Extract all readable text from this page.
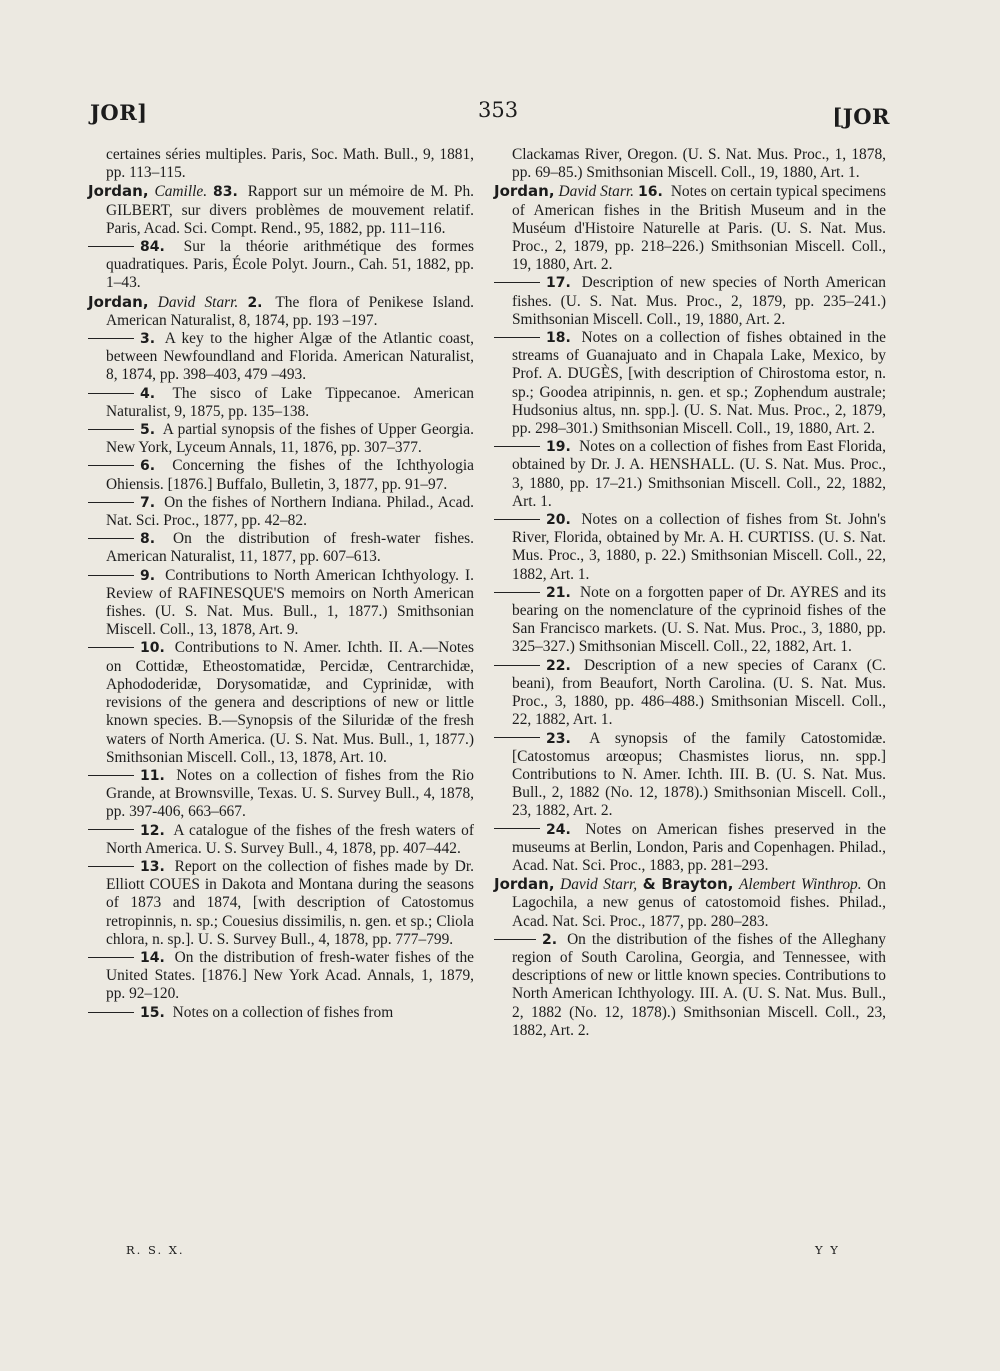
JOR]	353	[JOR

certaines séries multiples. Paris, Soc. Math. Bull., 9, 1881, pp. 113–115.

Jordan, Camille. 83. Rapport sur un mémoire de M. Ph. GILBERT, sur divers problèmes de mouvement relatif. Paris, Acad. Sci. Compt. Rend., 95, 1882, pp. 111–116.

84. Sur la théorie arithmétique des formes quadratiques. Paris, École Polyt. Journ., Cah. 51, 1882, pp. 1–43.

Jordan, David Starr. 2. The flora of Penikese Island. American Naturalist, 8, 1874, pp. 193 –197.

3. A key to the higher Algæ of the Atlantic coast, between Newfoundland and Florida. American Naturalist, 8, 1874, pp. 398–403, 479 –493.

4. The sisco of Lake Tippecanoe. American Naturalist, 9, 1875, pp. 135–138.

5. A partial synopsis of the fishes of Upper Georgia. New York, Lyceum Annals, 11, 1876, pp. 307–377.

6. Concerning the fishes of the Ichthyologia Ohiensis. [1876.] Buffalo, Bulletin, 3, 1877, pp. 91–97.

7. On the fishes of Northern Indiana. Philad., Acad. Nat. Sci. Proc., 1877, pp. 42–82.

8. On the distribution of fresh-water fishes. American Naturalist, 11, 1877, pp. 607–613.

9. Contributions to North American Ichthyology. I. Review of RAFINESQUE'S memoirs on North American fishes. (U. S. Nat. Mus. Bull., 1, 1877.) Smithsonian Miscell. Coll., 13, 1878, Art. 9.

10. Contributions to N. Amer. Ichth. II. A.—Notes on Cottidæ, Etheostomatidæ, Percidæ, Centrarchidæ, Aphododeridæ, Dorysomatidæ, and Cyprinidæ, with revisions of the genera and descriptions of new or little known species. B.—Synopsis of the Siluridæ of the fresh waters of North America. (U. S. Nat. Mus. Bull., 1, 1877.) Smithsonian Miscell. Coll., 13, 1878, Art. 10.

11. Notes on a collection of fishes from the Rio Grande, at Brownsville, Texas. U. S. Survey Bull., 4, 1878, pp. 397-406, 663–667.

12. A catalogue of the fishes of the fresh waters of North America. U. S. Survey Bull., 4, 1878, pp. 407–442.

13. Report on the collection of fishes made by Dr. Elliott COUES in Dakota and Montana during the seasons of 1873 and 1874, [with description of Catostomus retropinnis, n. sp.; Couesius dissimilis, n. gen. et sp.; Cliola chlora, n. sp.]. U. S. Survey Bull., 4, 1878, pp. 777–799.

14. On the distribution of fresh-water fishes of the United States. [1876.] New York Acad. Annals, 1, 1879, pp. 92–120.

15. Notes on a collection of fishes from

Clackamas River, Oregon. (U. S. Nat. Mus. Proc., 1, 1878, pp. 69–85.) Smithsonian Miscell. Coll., 19, 1880, Art. 1.

Jordan, David Starr. 16. Notes on certain typical specimens of American fishes in the British Museum and in the Muséum d'Histoire Naturelle at Paris. (U. S. Nat. Mus. Proc., 2, 1879, pp. 218–226.) Smithsonian Miscell. Coll., 19, 1880, Art. 2.

17. Description of new species of North American fishes. (U. S. Nat. Mus. Proc., 2, 1879, pp. 235–241.) Smithsonian Miscell. Coll., 19, 1880, Art. 2.

18. Notes on a collection of fishes obtained in the streams of Guanajuato and in Chapala Lake, Mexico, by Prof. A. DUGÈS, [with description of Chirostoma estor, n. sp.; Goodea atripinnis, n. gen. et sp.; Zophendum australe; Hudsonius altus, nn. spp.]. (U. S. Nat. Mus. Proc., 2, 1879, pp. 298–301.) Smithsonian Miscell. Coll., 19, 1880, Art. 2.

19. Notes on a collection of fishes from East Florida, obtained by Dr. J. A. HENSHALL. (U. S. Nat. Mus. Proc., 3, 1880, pp. 17–21.) Smithsonian Miscell. Coll., 22, 1882, Art. 1.

20. Notes on a collection of fishes from St. John's River, Florida, obtained by Mr. A. H. CURTISS. (U. S. Nat. Mus. Proc., 3, 1880, p. 22.) Smithsonian Miscell. Coll., 22, 1882, Art. 1.

21. Note on a forgotten paper of Dr. AYRES and its bearing on the nomenclature of the cyprinoid fishes of the San Francisco markets. (U. S. Nat. Mus. Proc., 3, 1880, pp. 325–327.) Smithsonian Miscell. Coll., 22, 1882, Art. 1.

22. Description of a new species of Caranx (C. beani), from Beaufort, North Carolina. (U. S. Nat. Mus. Proc., 3, 1880, pp. 486–488.) Smithsonian Miscell. Coll., 22, 1882, Art. 1.

23. A synopsis of the family Catostomidæ. [Catostomus arœopus; Chasmistes liorus, nn. spp.] Contributions to N. Amer. Ichth. III. B. (U. S. Nat. Mus. Bull., 2, 1882 (No. 12, 1878).) Smithsonian Miscell. Coll., 23, 1882, Art. 2.

24. Notes on American fishes preserved in the museums at Berlin, London, Paris and Copenhagen. Philad., Acad. Nat. Sci. Proc., 1883, pp. 281–293.

Jordan, David Starr, & Brayton, Alembert Winthrop. On Lagochila, a new genus of catostomoid fishes. Philad., Acad. Nat. Sci. Proc., 1877, pp. 280–283.

2. On the distribution of the fishes of the Alleghany region of South Carolina, Georgia, and Tennessee, with descriptions of new or little known species. Contributions to North American Ichthyology. III. A. (U. S. Nat. Mus. Bull., 2, 1882 (No. 12, 1878).) Smithsonian Miscell. Coll., 23, 1882, Art. 2.

R. S. X.	Y Y
